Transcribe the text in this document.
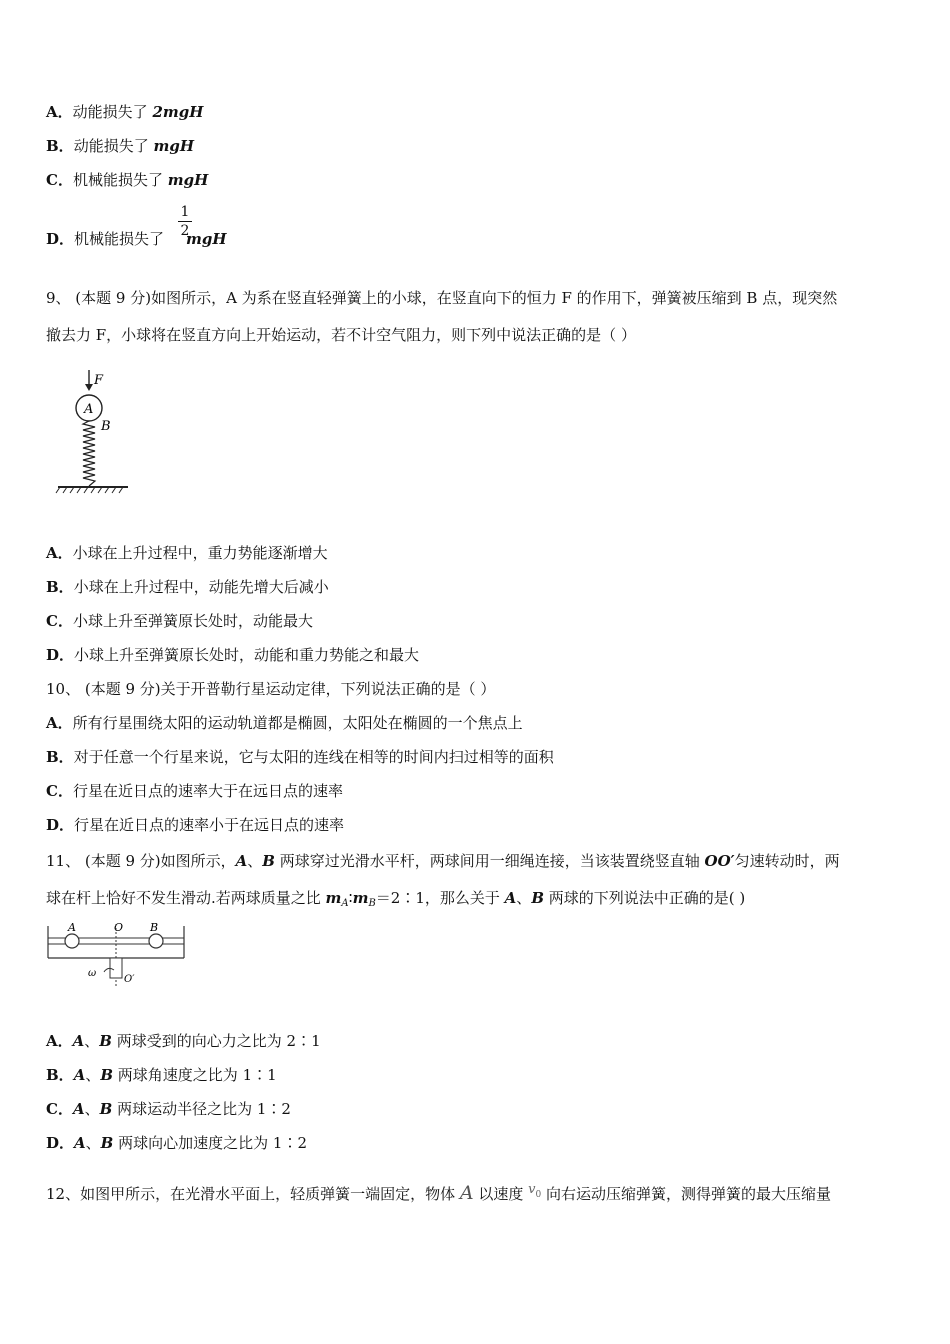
A．动能损失了 2mgH
B．动能损失了 mgH
C．机械能损失了 mgH
D．机械能损失了 mgH
$\frac{1}{2}$
9、 (本题 9 分)如图所示，A 为系在竖直轻弹簧上的小球，在竖直向下的恒力 F 的作用下，弹簧被压缩到 B 点，现突然
撤去力 F，小球将在竖直方向上开始运动，若不计空气阻力，则下列中说法正确的是（ ）
F
A
B
A．小球在上升过程中，重力势能逐渐增大
B．小球在上升过程中，动能先增大后减小
C．小球上升至弹簧原长处时，动能最大
D．小球上升至弹簧原长处时，动能和重力势能之和最大
10、 (本题 9 分)关于开普勒行星运动定律，下列说法正确的是（ ）
A．所有行星围绕太阳的运动轨道都是椭圆，太阳处在椭圆的一个焦点上
B．对于任意一个行星来说，它与太阳的连线在相等的时间内扫过相等的面积
C．行星在近日点的速率大于在远日点的速率
D．行星在近日点的速率小于在远日点的速率
11、 (本题 9 分)如图所示，A、B 两球穿过光滑水平杆，两球间用一细绳连接，当该装置绕竖直轴 OO′匀速转动时，两
球在杆上恰好不发生滑动.若两球质量之比 $m_A∶m_B=2∶1$，那么关于 A、B 两球的下列说法中正确的是( )
A	O B
ω
O′
A．A、B 两球受到的向心力之比为 2∶1
B．A、B 两球角速度之比为 1∶1
C．A、B 两球运动半径之比为 1∶2
D．A、B 两球向心加速度之比为 1∶2
12、如图甲所示，在光滑水平面上，轻质弹簧一端固定，物体 A 以速度 v0 向右运动压缩弹簧，测得弹簧的最大压缩量
